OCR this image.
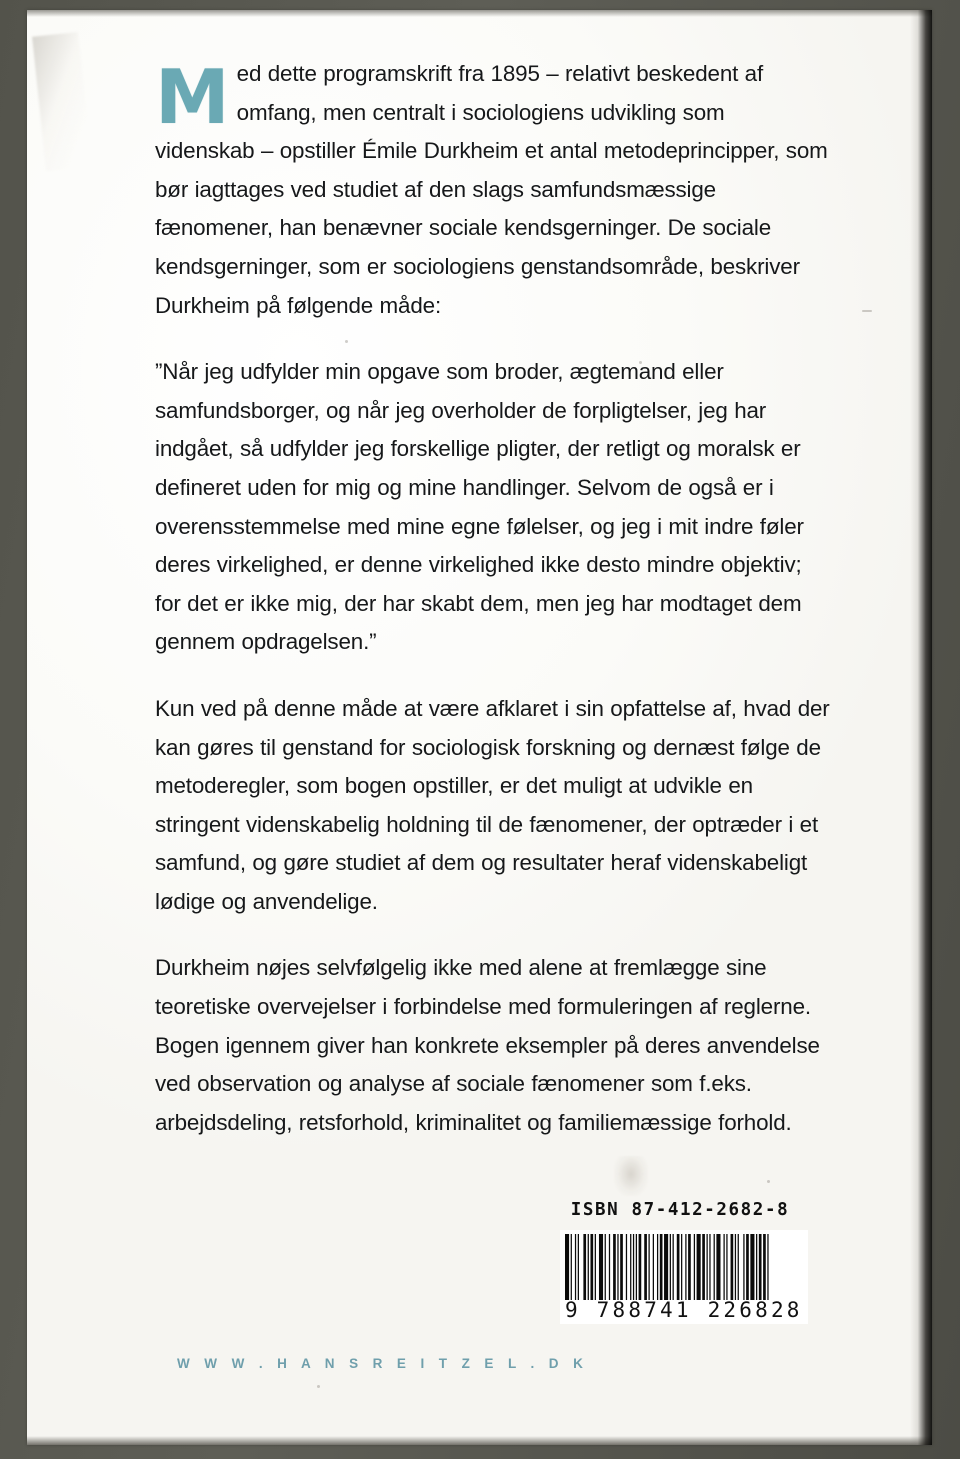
Med dette programskrift fra 1895 – relativt beskedent af omfang, men centralt i sociologiens udvikling som videnskab – opstiller Émile Durkheim et antal metodeprincipper, som bør iagttages ved studiet af den slags samfundsmæssige fænomener, han benævner sociale kendsgerninger. De sociale kendsgerninger, som er sociologiens genstandsområde, beskriver Durkheim på følgende måde:

”Når jeg udfylder min opgave som broder, ægtemand eller samfundsborger, og når jeg overholder de forpligtelser, jeg har indgået, så udfylder jeg forskellige pligter, der retligt og moralsk er defineret uden for mig og mine handlinger. Selvom de også er i overensstemmelse med mine egne følelser, og jeg i mit indre føler deres virkelighed, er denne virkelighed ikke desto mindre objektiv; for det er ikke mig, der har skabt dem, men jeg har modtaget dem gennem opdragelsen.”

Kun ved på denne måde at være afklaret i sin opfattelse af, hvad der kan gøres til genstand for sociologisk forskning og dernæst følge de metoderegler, som bogen opstiller, er det muligt at udvikle en stringent videnskabelig holdning til de fænomener, der optræder i et samfund, og gøre studiet af dem og resultater heraf videnskabeligt lødige og anvendelige.

Durkheim nøjes selvfølgelig ikke med alene at fremlægge sine teoretiske overvejelser i forbindelse med formuleringen af reglerne. Bogen igennem giver han konkrete eksempler på deres anvendelse ved observation og analyse af sociale fænomener som f.eks. arbejdsdeling, retsforhold, kriminalitet og familiemæssige forhold.

ISBN 87-412-2682-8
9 788741 226828
W W W . H A N S R E I T Z E L . D K
